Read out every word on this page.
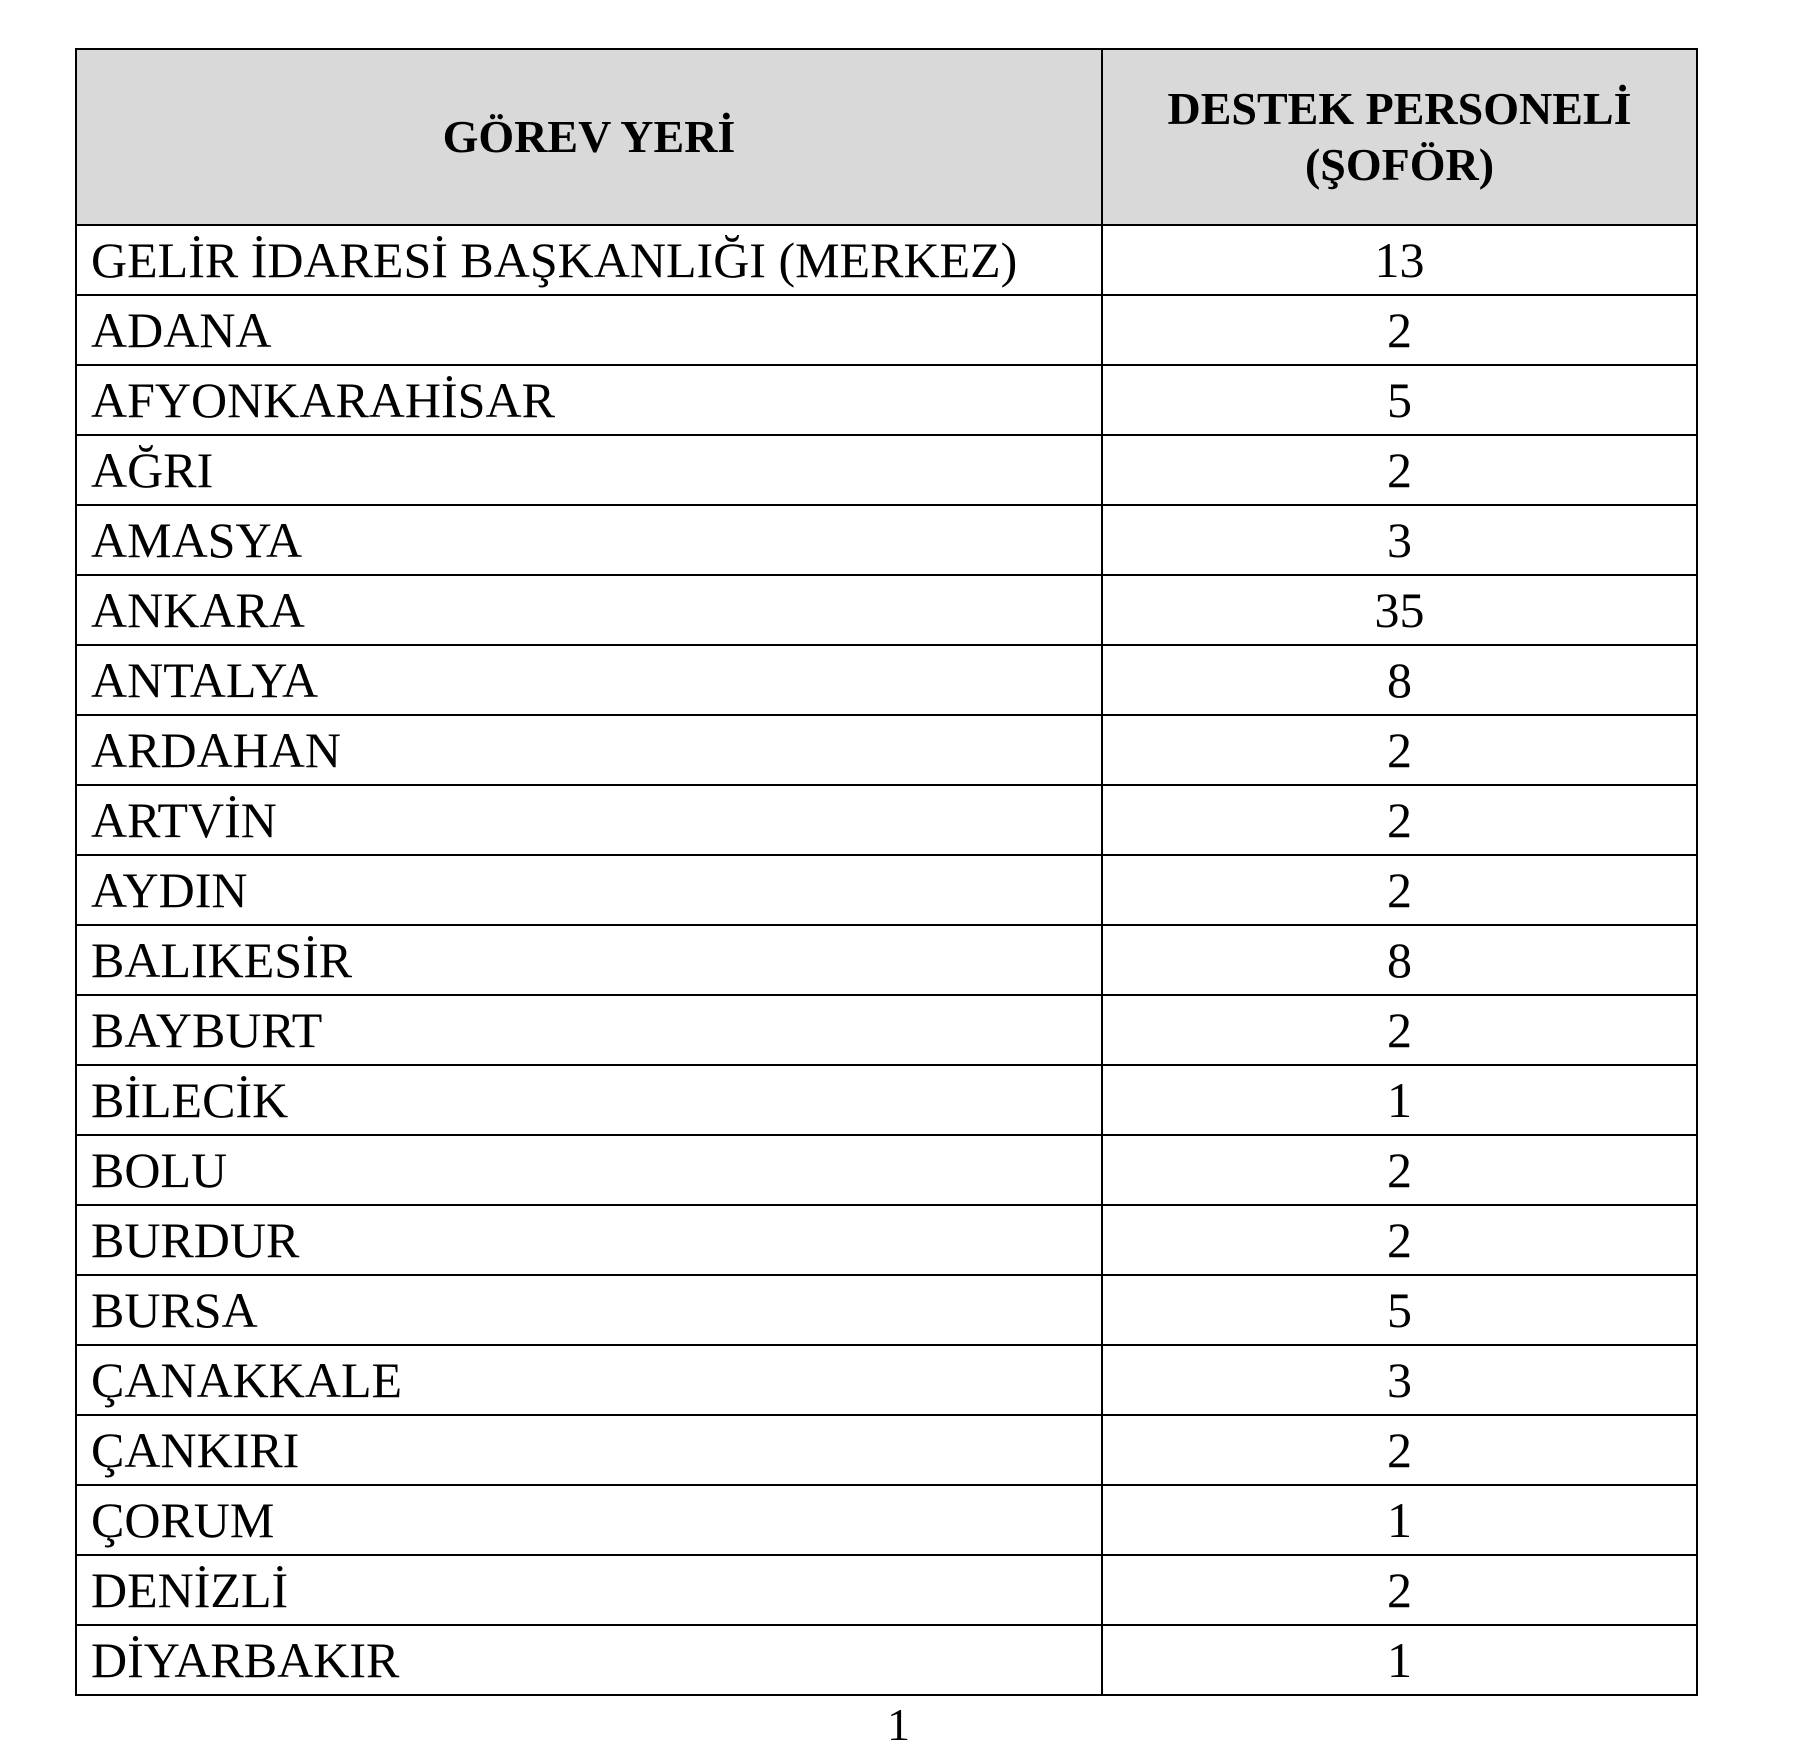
GÖREV YERİ	DESTEK PERSONELİ
(ŞOFÖR)

GELİR İDARESİ BAŞKANLIĞI (MERKEZ)	13
ADANA	2
AFYONKARAHİSAR	5
AĞRI	2
AMASYA	3
ANKARA	35
ANTALYA	8
ARDAHAN	2
ARTVİN	2
AYDIN	2
BALIKESİR	8
BAYBURT	2
BİLECİK	1
BOLU	2
BURDUR	2
BURSA	5
ÇANAKKALE	3
ÇANKIRI	2
ÇORUM	1
DENİZLİ	2
DİYARBAKIR	1
1
